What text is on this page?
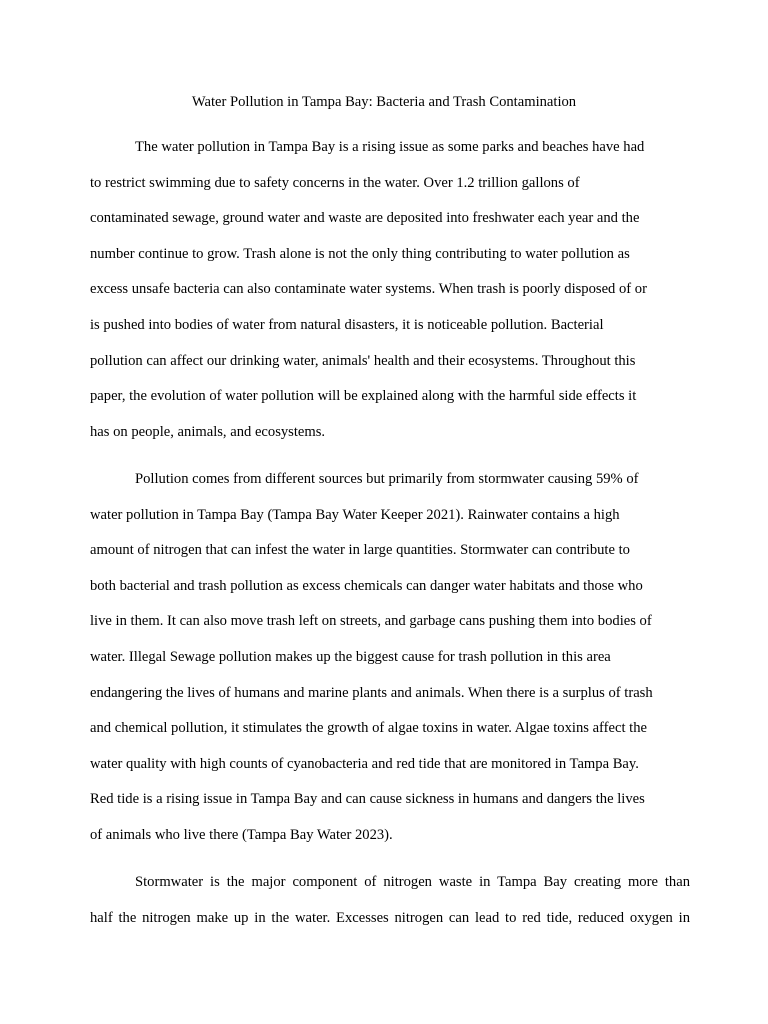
Water Pollution in Tampa Bay: Bacteria and Trash Contamination

The water pollution in Tampa Bay is a rising issue as some parks and beaches have had
to restrict swimming due to safety concerns in the water. Over 1.2 trillion gallons of
contaminated sewage, ground water and waste are deposited into freshwater each year and the
number continue to grow. Trash alone is not the only thing contributing to water pollution as
excess unsafe bacteria can also contaminate water systems. When trash is poorly disposed of or
is pushed into bodies of water from natural disasters, it is noticeable pollution. Bacterial
pollution can affect our drinking water, animals' health and their ecosystems. Throughout this
paper, the evolution of water pollution will be explained along with the harmful side effects it
has on people, animals, and ecosystems.

Pollution comes from different sources but primarily from stormwater causing 59% of
water pollution in Tampa Bay (Tampa Bay Water Keeper 2021). Rainwater contains a high
amount of nitrogen that can infest the water in large quantities. Stormwater can contribute to
both bacterial and trash pollution as excess chemicals can danger water habitats and those who
live in them. It can also move trash left on streets, and garbage cans pushing them into bodies of
water. Illegal Sewage pollution makes up the biggest cause for trash pollution in this area
endangering the lives of humans and marine plants and animals. When there is a surplus of trash
and chemical pollution, it stimulates the growth of algae toxins in water. Algae toxins affect the
water quality with high counts of cyanobacteria and red tide that are monitored in Tampa Bay.
Red tide is a rising issue in Tampa Bay and can cause sickness in humans and dangers the lives
of animals who live there (Tampa Bay Water 2023).

Stormwater is the major component of nitrogen waste in Tampa Bay creating more than
half the nitrogen make up in the water. Excesses nitrogen can lead to red tide, reduced oxygen in
